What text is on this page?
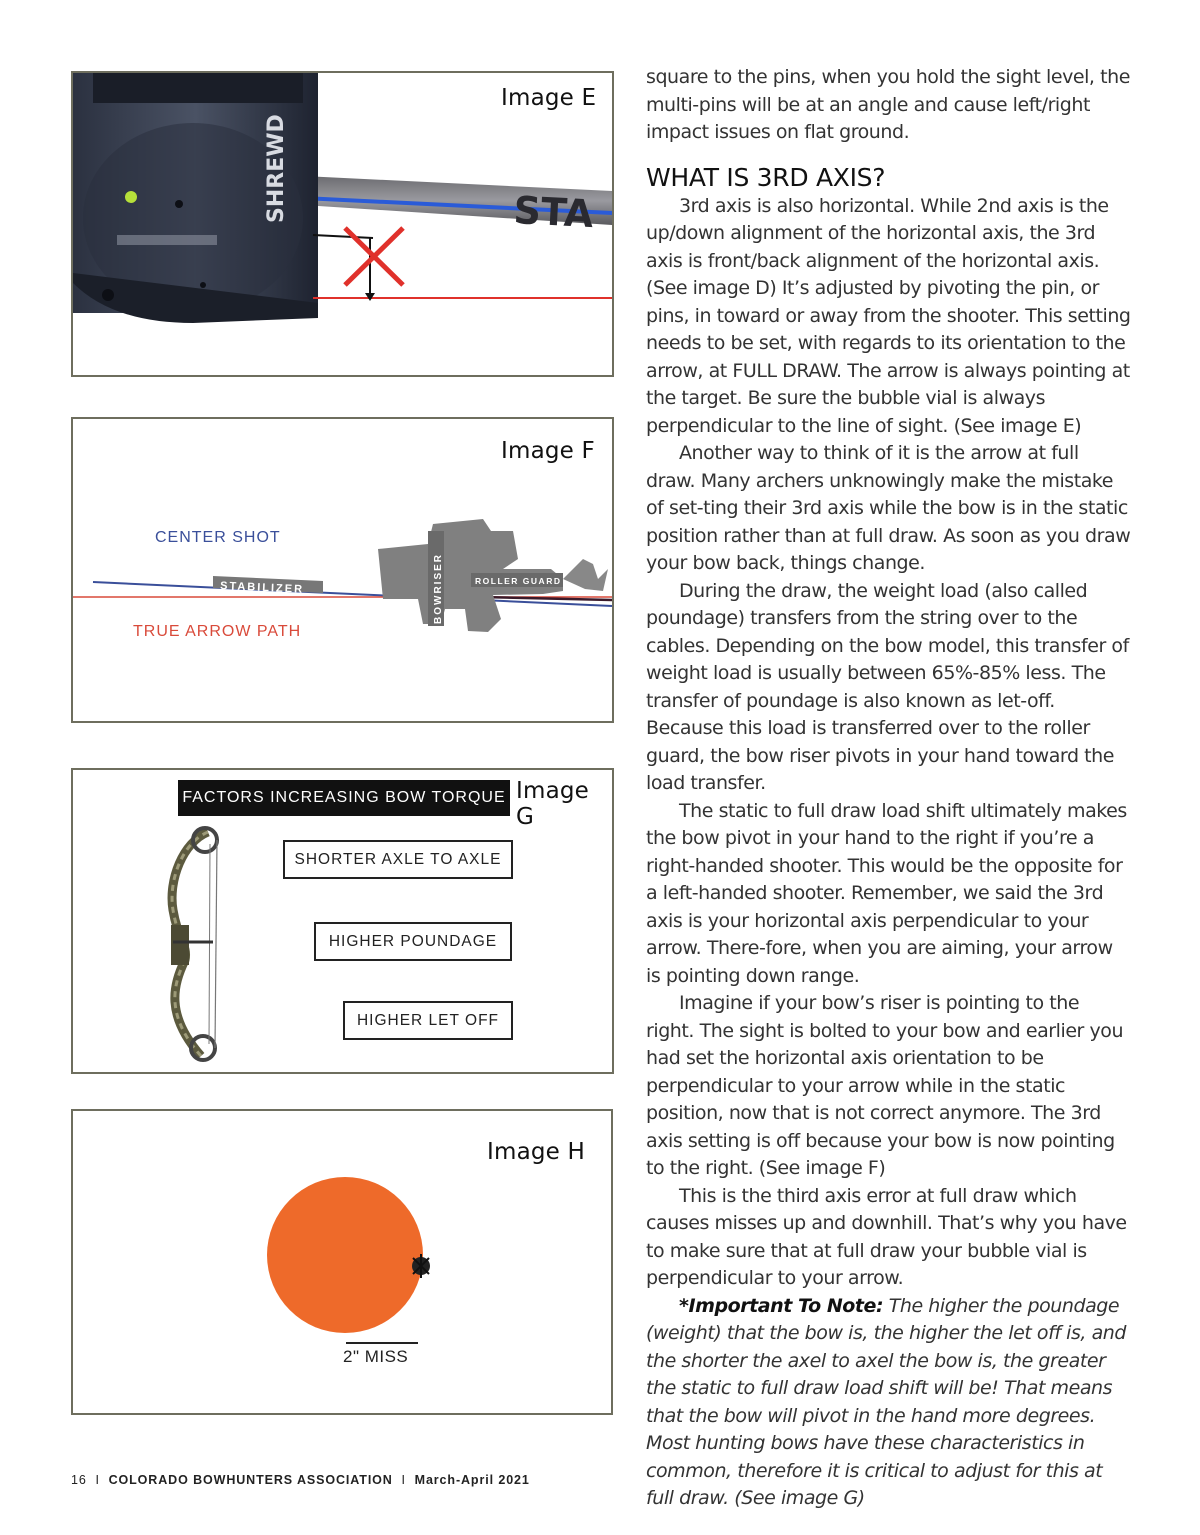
STA
SHREWD
Image E
STABILIZER	BOWRISER	ROLLER GUARD
Image F
CENTER SHOT
TRUE ARROW PATH
FACTORS INCREASING BOW TORQUE Image G
SHORTER AXLE TO AXLE
HIGHER POUNDAGE
HIGHER LET OFF
Image H
2" MISS

square to the pins, when you hold the sight level, the multi-pins will be at an angle and cause left/right impact issues on flat ground.

WHAT IS 3RD AXIS?

3rd axis is also horizontal. While 2nd axis is the up/down alignment of the horizontal axis, the 3rd axis is front/back alignment of the horizontal axis. (See image D) It’s adjusted by pivoting the pin, or pins, in toward or away from the shooter. This setting needs to be set, with regards to its orientation to the arrow, at FULL DRAW. The arrow is always pointing at the target. Be sure the bubble vial is always perpendicular to the line of sight. (See image E)

Another way to think of it is the arrow at full draw. Many archers unknowingly make the mistake of set-ting their 3rd axis while the bow is in the static position rather than at full draw. As soon as you draw your bow back, things change.

During the draw, the weight load (also called poundage) transfers from the string over to the cables. Depending on the bow model, this transfer of weight load is usually between 65%-85% less. The transfer of poundage is also known as let-off. Because this load is transferred over to the roller guard, the bow riser pivots in your hand toward the load transfer.

The static to full draw load shift ultimately makes the bow pivot in your hand to the right if you’re a right-handed shooter. This would be the opposite for a left-handed shooter. Remember, we said the 3rd axis is your horizontal axis perpendicular to your arrow. There-fore, when you are aiming, your arrow is pointing down range.

Imagine if your bow’s riser is pointing to the right. The sight is bolted to your bow and earlier you had set the horizontal axis orientation to be perpendicular to your arrow while in the static position, now that is not correct anymore. The 3rd axis setting is off because your bow is now pointing to the right. (See image F)

This is the third axis error at full draw which causes misses up and downhill. That’s why you have to make sure that at full draw your bubble vial is perpendicular to your arrow.

*Important To Note: The higher the poundage (weight) that the bow is, the higher the let off is, and the shorter the axel to axel the bow is, the greater the static to full draw load shift will be! That means that the bow will pivot in the hand more degrees. Most hunting bows have these characteristics in common, therefore it is critical to adjust for this at full draw. (See image G)

16 I COLORADO BOWHUNTERS ASSOCIATION I March-April 2021
